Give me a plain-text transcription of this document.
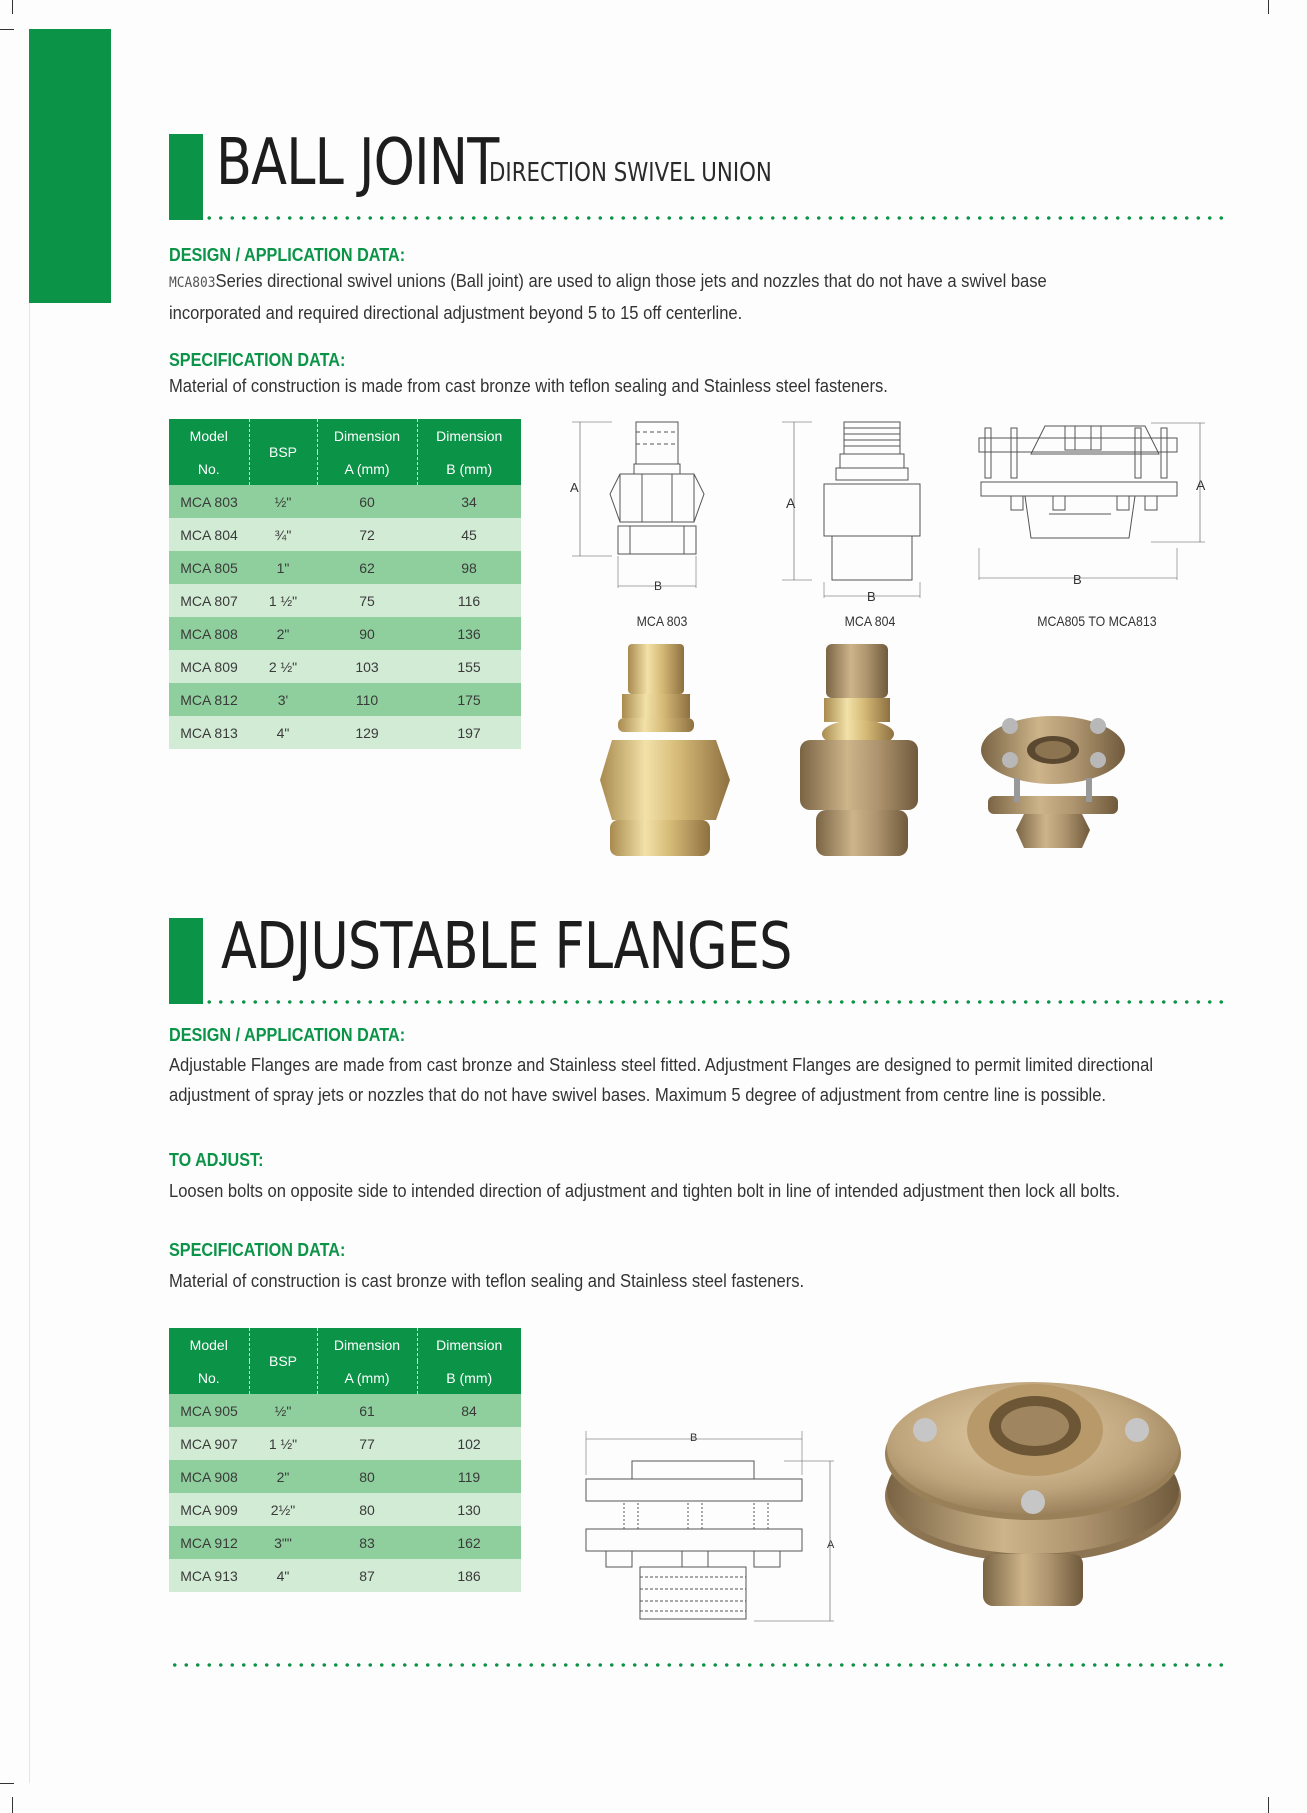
BALL JOINT
DIRECTION SWIVEL UNION
DESIGN / APPLICATION DATA:
MCA803Series directional swivel unions (Ball joint) are used to align those jets and nozzles that do not have a swivel base
incorporated and required directional adjustment beyond 5 to 15 off centerline.
SPECIFICATION DATA:
Material of construction is made from cast bronze with teflon sealing and Stainless steel fasteners.
Model	BSP	Dimension	Dimension
No.		A (mm)	B (mm)
MCA 803	½"	60	34
MCA 804	¾"	72	45
MCA 805	1"	62	98
MCA 807	1 ½"	75	116
MCA 808	2"	90	136
MCA 809	2 ½"	103	155
MCA 812	3'	110	175
MCA 813	4"	129	197
A
B
MCA 803
A
B
MCA 804
A
B
MCA805 TO MCA813
ADJUSTABLE FLANGES
DESIGN / APPLICATION DATA:
Adjustable Flanges are made from cast bronze and Stainless steel fitted. Adjustment Flanges are designed to permit limited directional
adjustment of spray jets or nozzles that do not have swivel bases. Maximum 5 degree of adjustment from centre line is possible.
TO ADJUST:
Loosen bolts on opposite side to intended direction of adjustment and tighten bolt in line of intended adjustment then lock all bolts.
SPECIFICATION DATA:
Material of construction is cast bronze with teflon sealing and Stainless steel fasteners.
Model	BSP	Dimension	Dimension
No.		A (mm)	B (mm)
MCA 905	½"	61	84
MCA 907	1 ½"	77	102
MCA 908	2"	80	119
MCA 909	2½"	80	130
MCA 912	3""	83	162
MCA 913	4"	87	186
B
A
